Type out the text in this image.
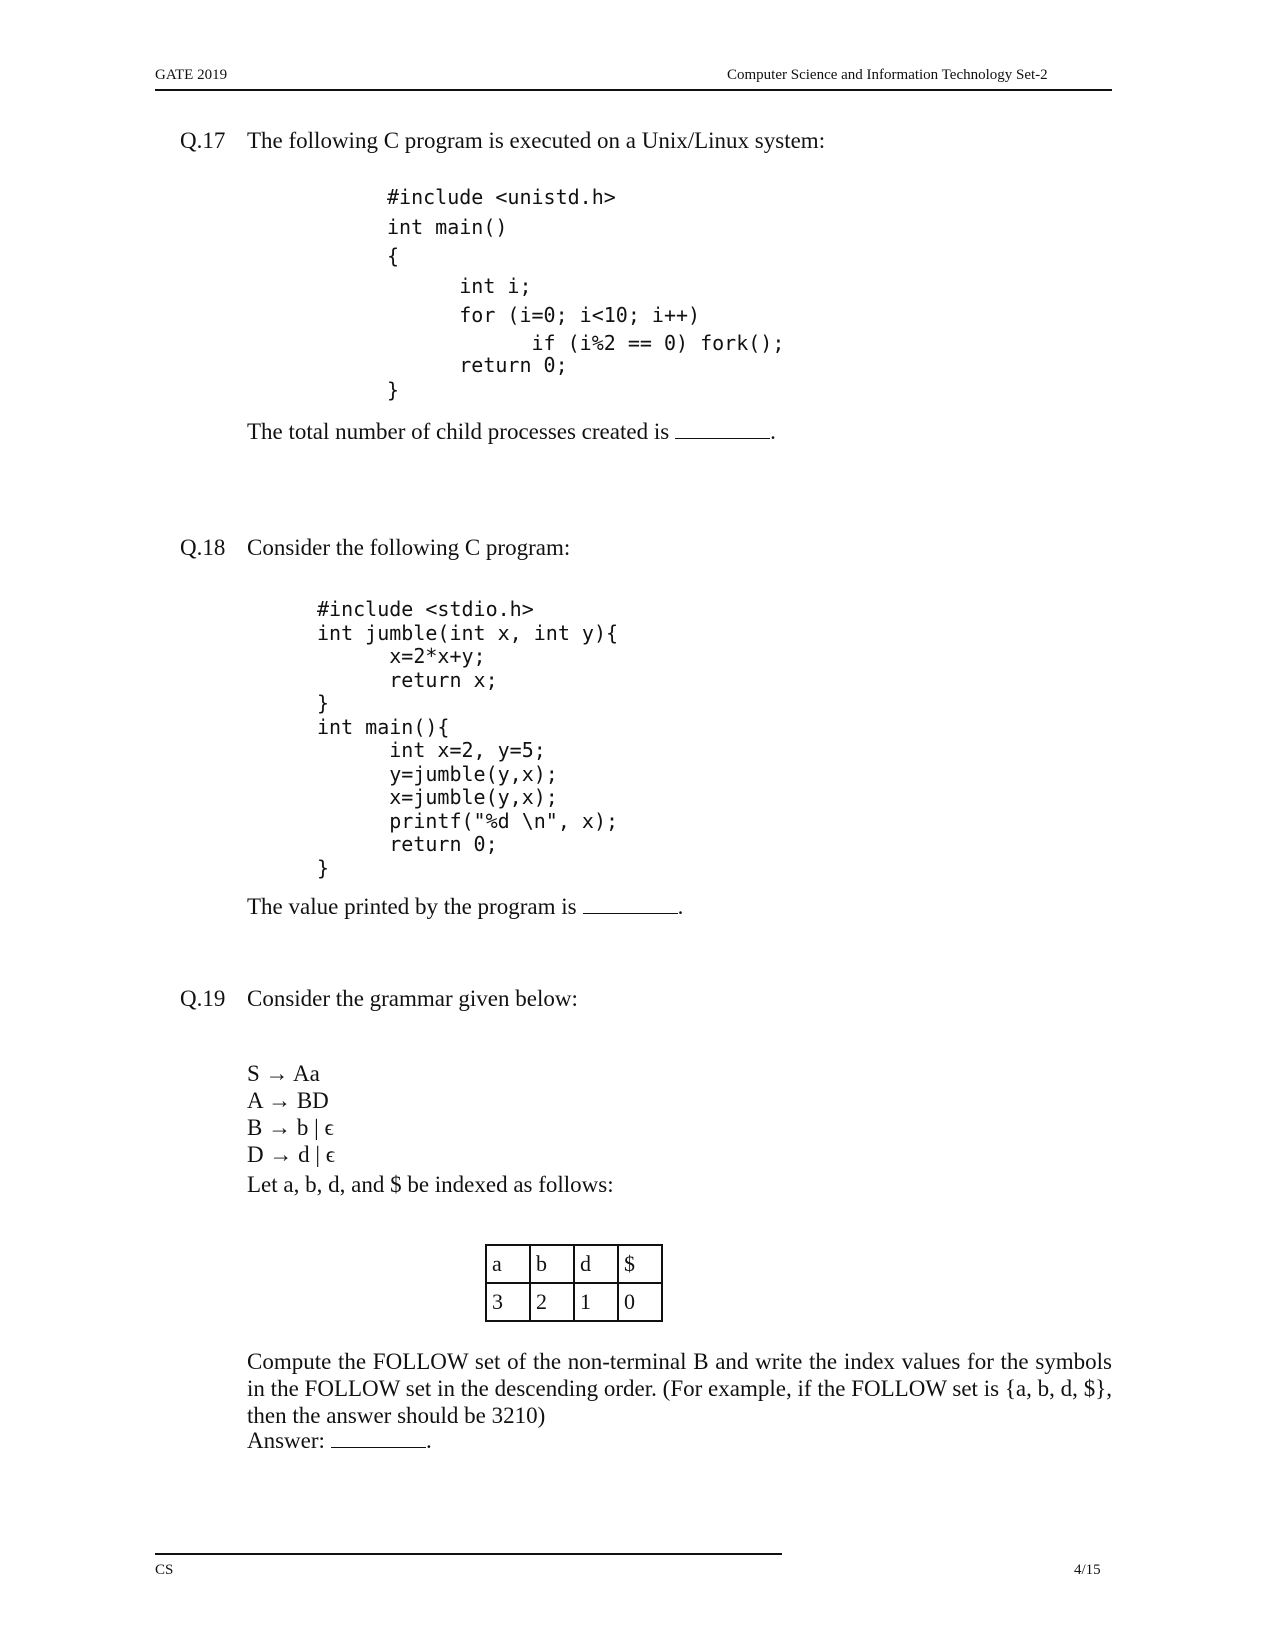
GATE 2019	Computer Science and Information Technology Set-2
Q.17 The following C program is executed on a Unix/Linux system:
#include <unistd.h>
int main()
{
int i;
for (i=0; i<10; i++)
if (i%2 == 0) fork();
return 0;
}
The total number of child processes created is	.
Q.18 Consider the following C program:
#include <stdio.h>
int jumble(int x, int y){
x=2*x+y;
return x;
}
int main(){
int x=2, y=5;
y=jumble(y,x);
x=jumble(y,x);
printf("%d \n", x);
return 0;
}
The value printed by the program is	.
Q.19 Consider the grammar given below:
S → Aa
A → BD
B → b | ϵ
D → d | ϵ
Let a, b, d, and $ be indexed as follows:
a	b	d	$
3	2	1	0
Compute the FOLLOW set of the non-terminal B and write the index values for the symbols in the FOLLOW set in the descending order. (For example, if the FOLLOW set is {a, b, d, $}, then the answer should be 3210)
Answer:	.
CS	4/15
